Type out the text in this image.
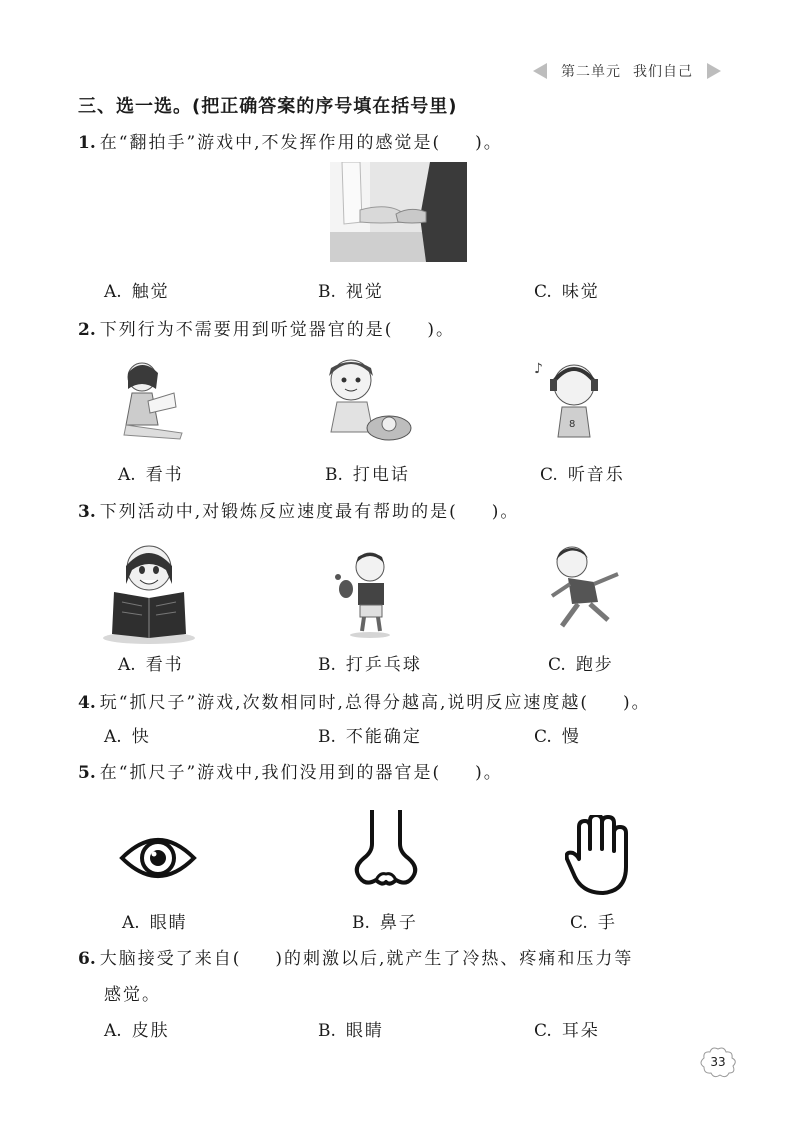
第二单元 我们自己
三、选一选。(把正确答案的序号填在括号里)
1. 在“翻拍手”游戏中,不发挥作用的感觉是( )。
A. 触觉	B. 视觉	C. 味觉
2. 下列行为不需要用到听觉器官的是( )。
♪
8
A. 看书	B. 打电话	C. 听音乐
3. 下列活动中,对锻炼反应速度最有帮助的是( )。
A. 看书	B. 打乒乓球	C. 跑步
4. 玩“抓尺子”游戏,次数相同时,总得分越高,说明反应速度越( )。
A. 快	B. 不能确定	C. 慢
5. 在“抓尺子”游戏中,我们没用到的器官是( )。
A. 眼睛	B. 鼻子	C. 手
6. 大脑接受了来自( )的刺激以后,就产生了冷热、疼痛和压力等
感觉。
A. 皮肤	B. 眼睛	C. 耳朵
33
